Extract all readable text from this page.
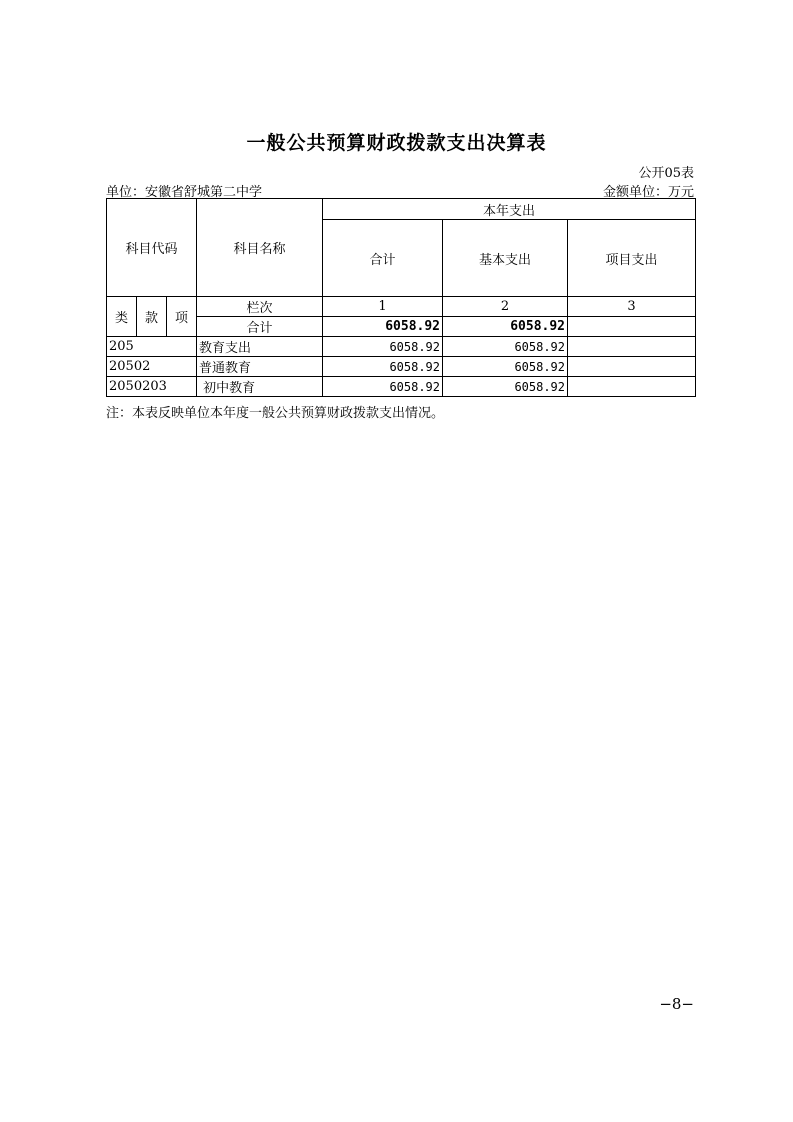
一般公共预算财政拨款支出决算表
公开05表
单位：安徽省舒城第二中学	金额单位：万元
科目代码			科目名称	本年支出		
				合计	基本支出	项目支出

类	款	项	栏次	1	2	3
			合计	6058.92	6058.92	
205			教育支出	6058.92	6058.92	
20502			普通教育	6058.92	6058.92	
2050203			初中教育	6058.92	6058.92	
注：本表反映单位本年度一般公共预算财政拨款支出情况。
−8−
